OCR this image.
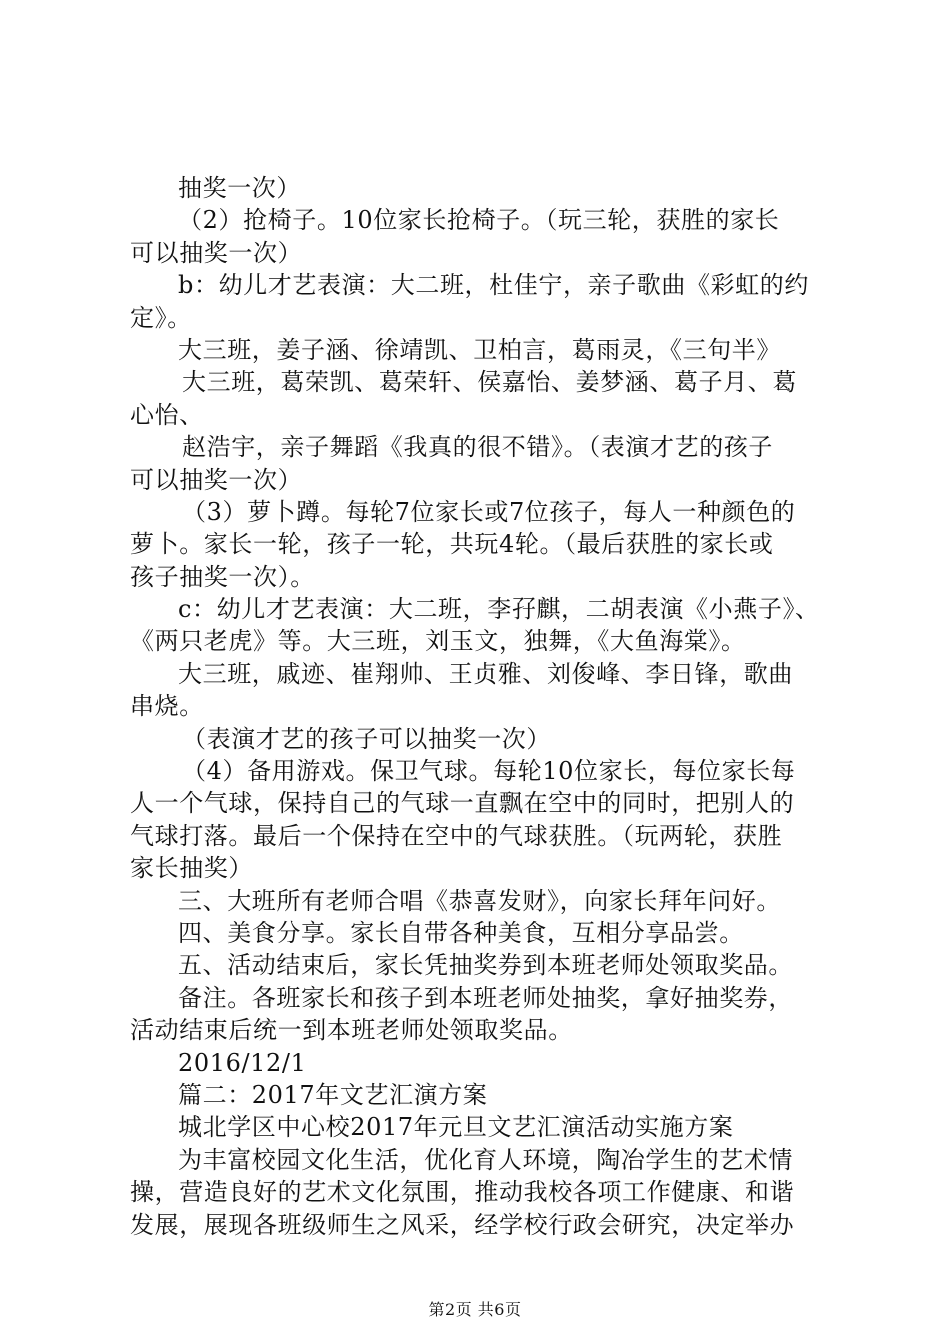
抽奖一次）
（2）抢椅子。10位家长抢椅子。（玩三轮，获胜的家长
可以抽奖一次）
b：幼儿才艺表演：大二班，杜佳宁，亲子歌曲《彩虹的约
定》。
大三班，姜子涵、徐靖凯、卫柏言，葛雨灵，《三句半》
大三班，葛荣凯、葛荣轩、侯嘉怡、姜梦涵、葛子月、葛
心怡、
赵浩宇，亲子舞蹈《我真的很不错》。（表演才艺的孩子
可以抽奖一次）
（3）萝卜蹲。每轮7位家长或7位孩子，每人一种颜色的
萝卜。家长一轮，孩子一轮，共玩4轮。（最后获胜的家长或
孩子抽奖一次）。
c：幼儿才艺表演：大二班，李孖麒，二胡表演《小燕子》、
《两只老虎》等。大三班，刘玉文，独舞，《大鱼海棠》。
大三班，戚迹、崔翔帅、王贞雅、刘俊峰、李日锋，歌曲
串烧。
（表演才艺的孩子可以抽奖一次）
（4）备用游戏。保卫气球。每轮10位家长，每位家长每
人一个气球，保持自己的气球一直飘在空中的同时，把别人的
气球打落。最后一个保持在空中的气球获胜。（玩两轮，获胜
家长抽奖）
三、大班所有老师合唱《恭喜发财》，向家长拜年问好。
四、美食分享。家长自带各种美食，互相分享品尝。
五、活动结束后，家长凭抽奖券到本班老师处领取奖品。
备注。各班家长和孩子到本班老师处抽奖，拿好抽奖券，
活动结束后统一到本班老师处领取奖品。
2016/12/1
篇二：2017年文艺汇演方案
城北学区中心校2017年元旦文艺汇演活动实施方案
为丰富校园文化生活，优化育人环境，陶冶学生的艺术情
操，营造良好的艺术文化氛围，推动我校各项工作健康、和谐
发展，展现各班级师生之风采，经学校行政会研究，决定举办
第2页 共6页
